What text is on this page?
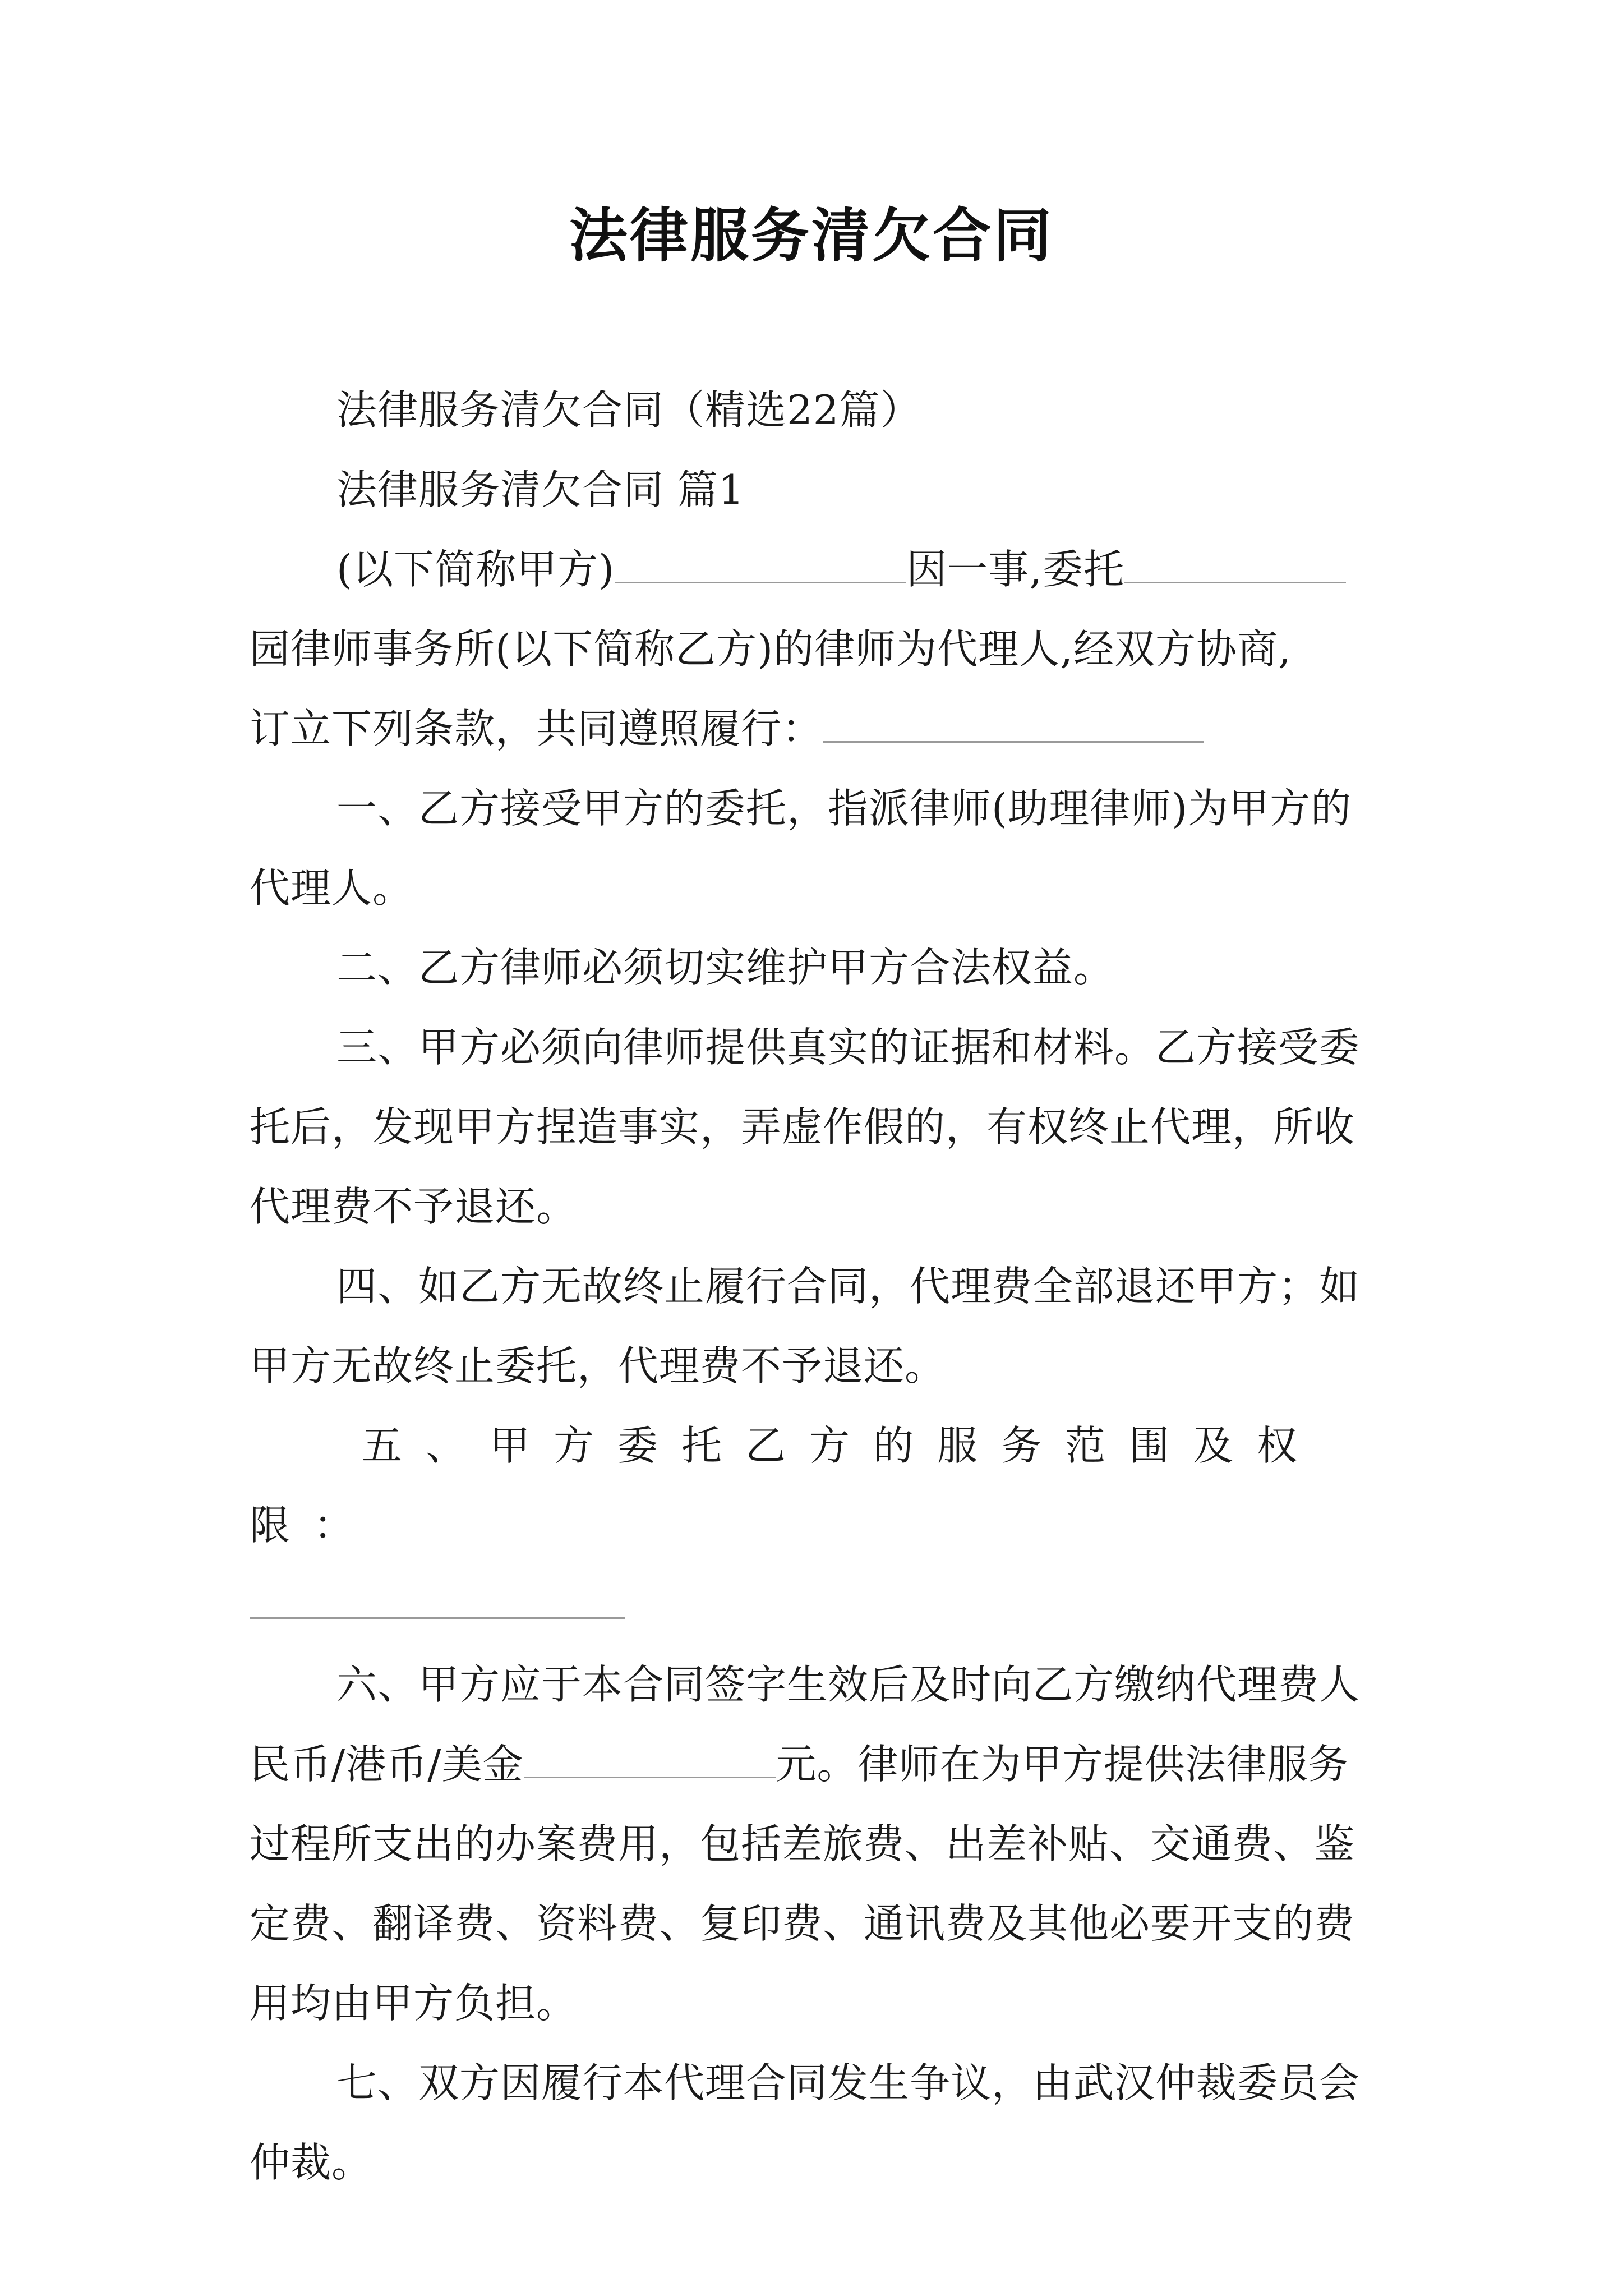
法律服务清欠合同

法律服务清欠合同（精选22篇）

法律服务清欠合同 篇1

(以下简称甲方)	因一事,委托

园律师事务所(以下简称乙方)的律师为代理人,经双方协商,

订立下列条款，共同遵照履行：

一、乙方接受甲方的委托，指派律师(助理律师)为甲方的代理人。

二、乙方律师必须切实维护甲方合法权益。

三、甲方必须向律师提供真实的证据和材料。乙方接受委托后，发现甲方捏造事实，弄虚作假的，有权终止代理，所收代理费不予退还。

四、如乙方无故终止履行合同，代理费全部退还甲方；如甲方无故终止委托，代理费不予退还。

五、甲方委托乙方的服务范围及权限：

六、甲方应于本合同签字生效后及时向乙方缴纳代理费人民币/港币/美金	元。律师在为甲方提供法律服务过程所支出的办案费用，包括差旅费、出差补贴、交通费、鉴定费、翻译费、资料费、复印费、通讯费及其他必要开支的费用均由甲方负担。

七、双方因履行本代理合同发生争议，由武汉仲裁委员会仲裁。
